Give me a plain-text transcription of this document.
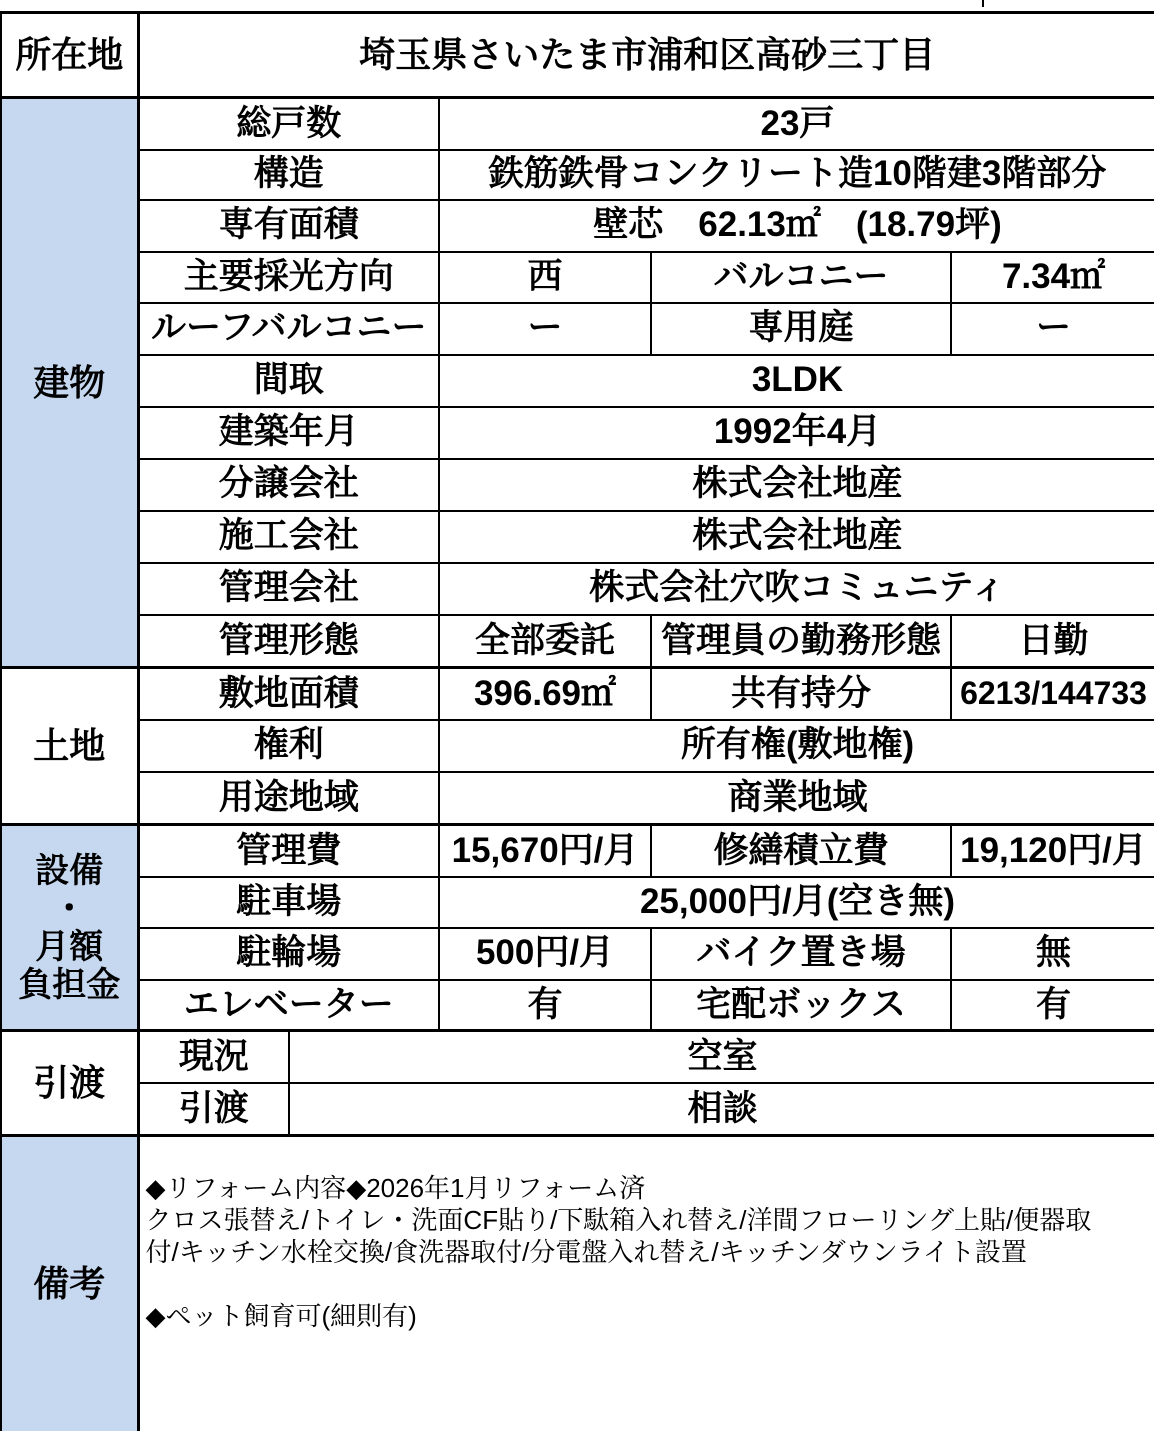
所在地	埼玉県さいたま市浦和区高砂三丁目				
建物	総戸数		23戸		
	構造		鉄筋鉄骨コンクリート造10階建3階部分		
	専有面積		壁芯　62.13㎡　(18.79坪)		
	主要採光方向		西	バルコニー	7.34㎡
	ルーフバルコニー		ー	専用庭	ー
	間取		3LDK		
	建築年月		1992年4月		
	分譲会社		株式会社地産		
	施工会社		株式会社地産		
	管理会社		株式会社穴吹コミュニティ		
	管理形態		全部委託	管理員の勤務形態	日勤
土地	敷地面積		396.69㎡	共有持分	6213/144733
	権利		所有権(敷地権)		
	用途地域		商業地域		
設備
・
月額
負担金	管理費		15,670円/月	修繕積立費	19,120円/月
	駐車場		25,000円/月(空き無)		
	駐輪場		500円/月	バイク置き場	無
	エレベーター		有	宅配ボックス	有
引渡	現況	空室			
	引渡	相談			
備考	◆リフォーム内容◆2026年1月リフォーム済
クロス張替え/トイレ・洗面CF貼り/下駄箱入れ替え/洋間フローリング上貼/便器取
付/キッチン水栓交換/食洗器取付/分電盤入れ替え/キッチンダウンライト設置
◆ペット飼育可(細則有)				
